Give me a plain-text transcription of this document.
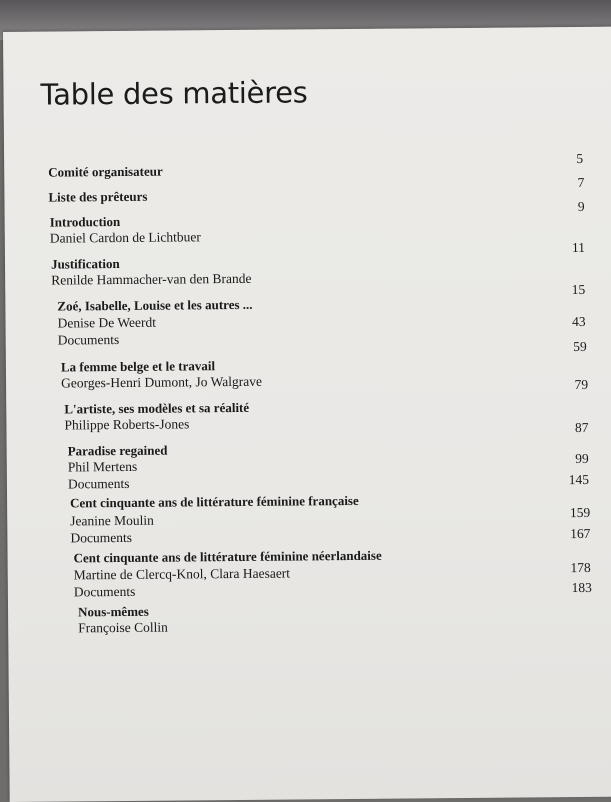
Table des matières
Comité organisateur
5
Liste des prêteurs
7
Introduction
Daniel Cardon de Lichtbuer
9
Justification
Renilde Hammacher-van den Brande
11
Zoé, Isabelle, Louise et les autres ...
Denise De Weerdt
Documents
15
43
La femme belge et le travail
Georges-Henri Dumont, Jo Walgrave
59
L'artiste, ses modèles et sa réalité
Philippe Roberts-Jones
79
Paradise regained
Phil Mertens
Documents
87
99
Cent cinquante ans de littérature féminine française
Jeanine Moulin
Documents
145
159
Cent cinquante ans de littérature féminine néerlandaise
Martine de Clercq-Knol, Clara Haesaert
Documents
167
178
Nous-mêmes
Françoise Collin
183
